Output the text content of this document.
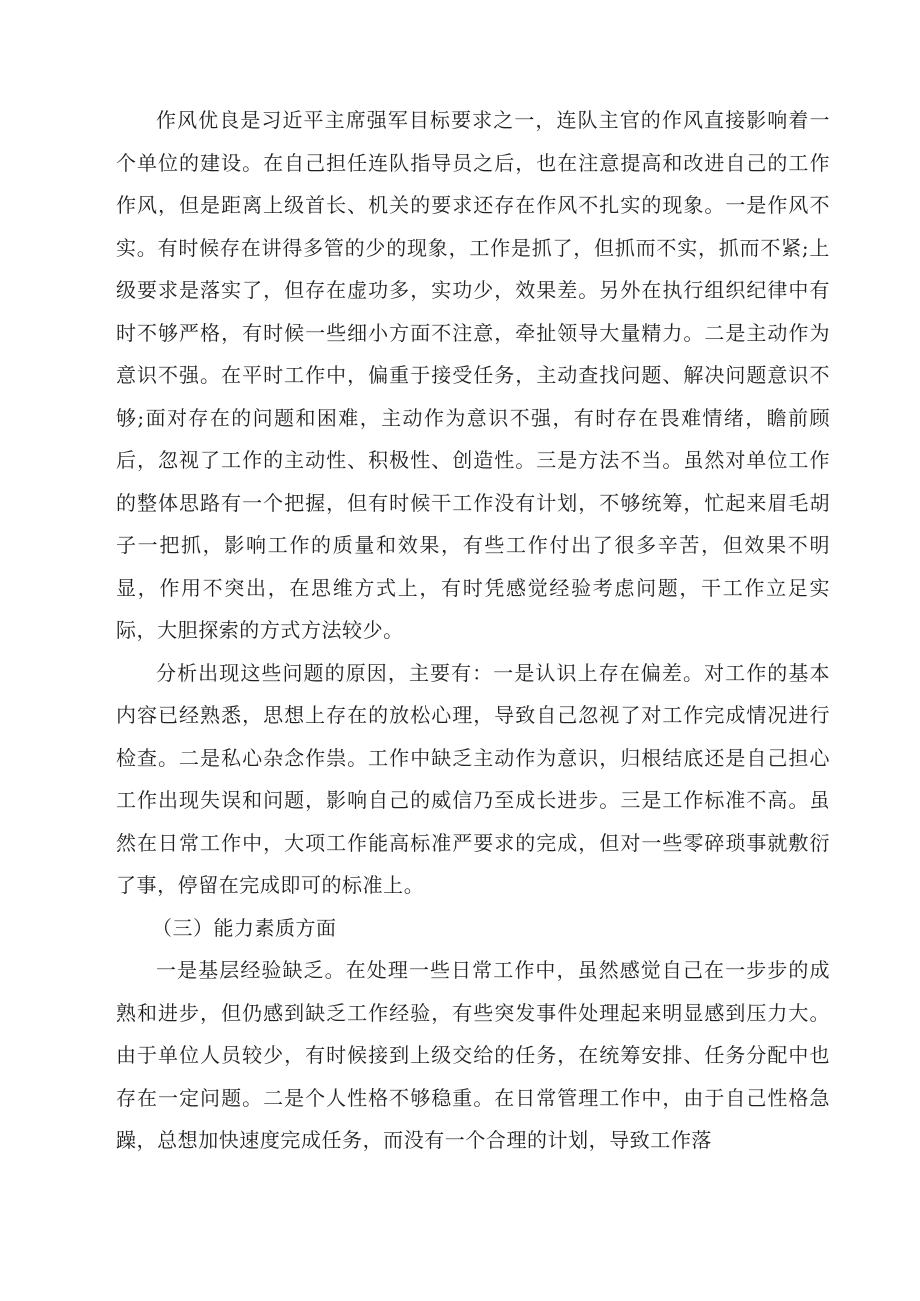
作风优良是习近平主席强军目标要求之一，连队主官的作风直接影响着一个单位的建设。在自己担任连队指导员之后，也在注意提高和改进自己的工作作风，但是距离上级首长、机关的要求还存在作风不扎实的现象。一是作风不实。有时候存在讲得多管的少的现象，工作是抓了，但抓而不实，抓而不紧;上级要求是落实了，但存在虚功多，实功少，效果差。另外在执行组织纪律中有时不够严格，有时候一些细小方面不注意，牵扯领导大量精力。二是主动作为意识不强。在平时工作中，偏重于接受任务，主动查找问题、解决问题意识不够;面对存在的问题和困难，主动作为意识不强，有时存在畏难情绪，瞻前顾后，忽视了工作的主动性、积极性、创造性。三是方法不当。虽然对单位工作的整体思路有一个把握，但有时候干工作没有计划，不够统筹，忙起来眉毛胡子一把抓，影响工作的质量和效果，有些工作付出了很多辛苦，但效果不明显，作用不突出，在思维方式上，有时凭感觉经验考虑问题，干工作立足实际，大胆探索的方式方法较少。

分析出现这些问题的原因，主要有：一是认识上存在偏差。对工作的基本内容已经熟悉，思想上存在的放松心理，导致自己忽视了对工作完成情况进行检查。二是私心杂念作祟。工作中缺乏主动作为意识，归根结底还是自己担心工作出现失误和问题，影响自己的威信乃至成长进步。三是工作标准不高。虽然在日常工作中，大项工作能高标准严要求的完成，但对一些零碎琐事就敷衍了事，停留在完成即可的标准上。

（三）能力素质方面

一是基层经验缺乏。在处理一些日常工作中，虽然感觉自己在一步步的成熟和进步，但仍感到缺乏工作经验，有些突发事件处理起来明显感到压力大。由于单位人员较少，有时候接到上级交给的任务，在统筹安排、任务分配中也存在一定问题。二是个人性格不够稳重。在日常管理工作中，由于自己性格急躁，总想加快速度完成任务，而没有一个合理的计划，导致工作落
